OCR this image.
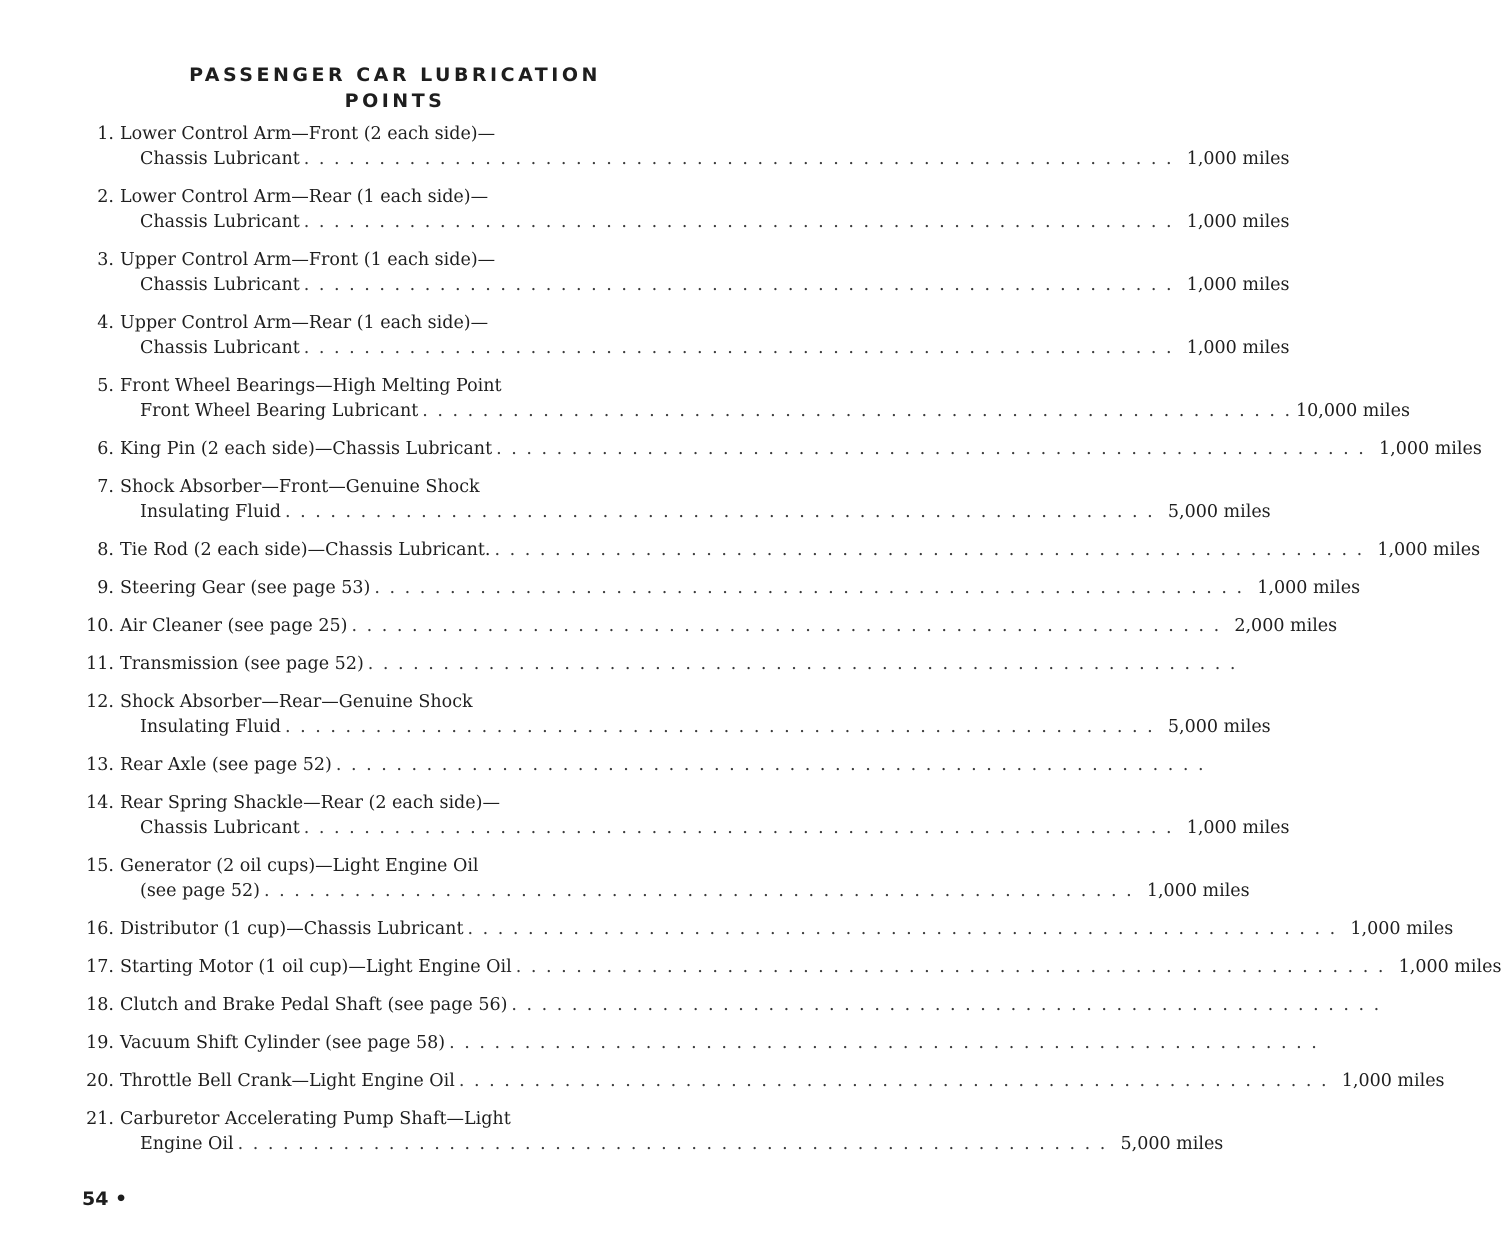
PASSENGER CAR LUBRICATION
POINTS
1. Lower Control Arm—Front (2 each side)—
Chassis Lubricant . . . . . . . . . . . . . . . . . . . . . . . . . . . . . . . . . . . . . . . . . . . . . . . . . . . . . . . . . . 1,000 miles
2. Lower Control Arm—Rear (1 each side)—
Chassis Lubricant . . . . . . . . . . . . . . . . . . . . . . . . . . . . . . . . . . . . . . . . . . . . . . . . . . . . . . . . . . 1,000 miles
3. Upper Control Arm—Front (1 each side)—
Chassis Lubricant . . . . . . . . . . . . . . . . . . . . . . . . . . . . . . . . . . . . . . . . . . . . . . . . . . . . . . . . . . 1,000 miles
4. Upper Control Arm—Rear (1 each side)—
Chassis Lubricant . . . . . . . . . . . . . . . . . . . . . . . . . . . . . . . . . . . . . . . . . . . . . . . . . . . . . . . . . . 1,000 miles
5. Front Wheel Bearings—High Melting Point
Front Wheel Bearing Lubricant . . . . . . . . . . . . . . . . . . . . . . . . . . . . . . . . . . . . . . . . . . . . . . . . . . . . . . . . . . 10,000 miles
6. King Pin (2 each side)—Chassis Lubricant . . . . . . . . . . . . . . . . . . . . . . . . . . . . . . . . . . . . . . . . . . . . . . . . . . . . . . . . . . 1,000 miles
7. Shock Absorber—Front—Genuine Shock
Insulating Fluid . . . . . . . . . . . . . . . . . . . . . . . . . . . . . . . . . . . . . . . . . . . . . . . . . . . . . . . . . . 5,000 miles
8. Tie Rod (2 each side)—Chassis Lubricant. . . . . . . . . . . . . . . . . . . . . . . . . . . . . . . . . . . . . . . . . . . . . . . . . . . . . . . . . . . 1,000 miles
9. Steering Gear (see page 53) . . . . . . . . . . . . . . . . . . . . . . . . . . . . . . . . . . . . . . . . . . . . . . . . . . . . . . . . . . 1,000 miles
10. Air Cleaner (see page 25) . . . . . . . . . . . . . . . . . . . . . . . . . . . . . . . . . . . . . . . . . . . . . . . . . . . . . . . . . . 2,000 miles
11. Transmission (see page 52) . . . . . . . . . . . . . . . . . . . . . . . . . . . . . . . . . . . . . . . . . . . . . . . . . . . . . . . . . .
12. Shock Absorber—Rear—Genuine Shock
Insulating Fluid . . . . . . . . . . . . . . . . . . . . . . . . . . . . . . . . . . . . . . . . . . . . . . . . . . . . . . . . . . 5,000 miles
13. Rear Axle (see page 52) . . . . . . . . . . . . . . . . . . . . . . . . . . . . . . . . . . . . . . . . . . . . . . . . . . . . . . . . . .
14. Rear Spring Shackle—Rear (2 each side)—
Chassis Lubricant . . . . . . . . . . . . . . . . . . . . . . . . . . . . . . . . . . . . . . . . . . . . . . . . . . . . . . . . . . 1,000 miles
15. Generator (2 oil cups)—Light Engine Oil
(see page 52) . . . . . . . . . . . . . . . . . . . . . . . . . . . . . . . . . . . . . . . . . . . . . . . . . . . . . . . . . . 1,000 miles
16. Distributor (1 cup)—Chassis Lubricant . . . . . . . . . . . . . . . . . . . . . . . . . . . . . . . . . . . . . . . . . . . . . . . . . . . . . . . . . . 1,000 miles
17. Starting Motor (1 oil cup)—Light Engine Oil . . . . . . . . . . . . . . . . . . . . . . . . . . . . . . . . . . . . . . . . . . . . . . . . . . . . . . . . . . 1,000 miles
18. Clutch and Brake Pedal Shaft (see page 56) . . . . . . . . . . . . . . . . . . . . . . . . . . . . . . . . . . . . . . . . . . . . . . . . . . . . . . . . . .
19. Vacuum Shift Cylinder (see page 58) . . . . . . . . . . . . . . . . . . . . . . . . . . . . . . . . . . . . . . . . . . . . . . . . . . . . . . . . . .
20. Throttle Bell Crank—Light Engine Oil . . . . . . . . . . . . . . . . . . . . . . . . . . . . . . . . . . . . . . . . . . . . . . . . . . . . . . . . . . 1,000 miles
21. Carburetor Accelerating Pump Shaft—Light
Engine Oil . . . . . . . . . . . . . . . . . . . . . . . . . . . . . . . . . . . . . . . . . . . . . . . . . . . . . . . . . . 5,000 miles
54 •
